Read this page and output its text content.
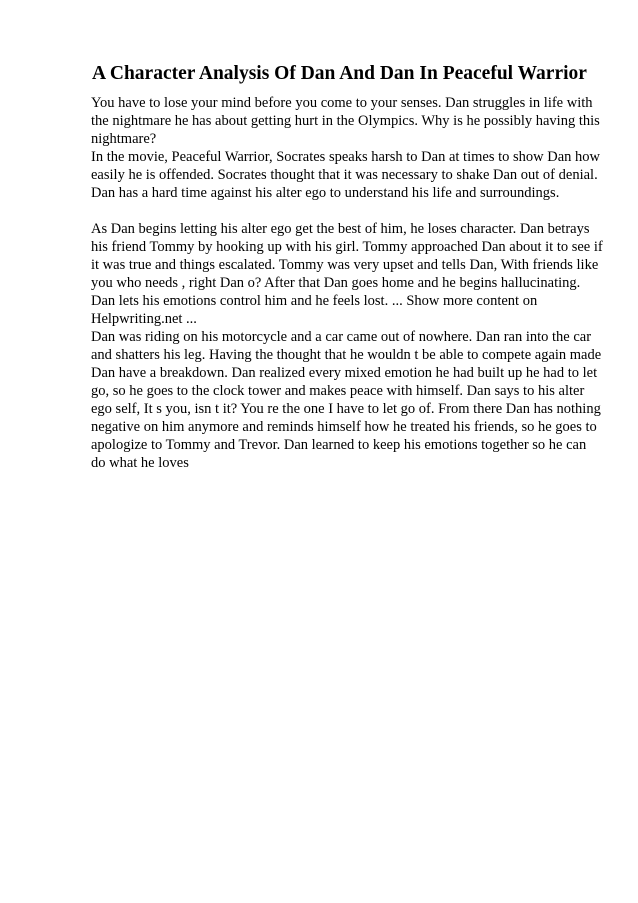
A Character Analysis Of Dan And Dan In Peaceful Warrior

You have to lose your mind before you come to your senses. Dan struggles in life with the nightmare he has about getting hurt in the Olympics. Why is he possibly having this nightmare?

In the movie, Peaceful Warrior, Socrates speaks harsh to Dan at times to show Dan how easily he is offended. Socrates thought that it was necessary to shake Dan out of denial. Dan has a hard time against his alter ego to understand his life and surroundings.

As Dan begins letting his alter ego get the best of him, he loses character. Dan betrays his friend Tommy by hooking up with his girl. Tommy approached Dan about it to see if it was true and things escalated. Tommy was very upset and tells Dan, With friends like you who needs , right Dan o? After that Dan goes home and he begins hallucinating. Dan lets his emotions control him and he feels lost. ... Show more content on Helpwriting.net ...

Dan was riding on his motorcycle and a car came out of nowhere. Dan ran into the car and shatters his leg. Having the thought that he wouldn t be able to compete again made Dan have a breakdown. Dan realized every mixed emotion he had built up he had to let go, so he goes to the clock tower and makes peace with himself. Dan says to his alter ego self, It s you, isn t it? You re the one I have to let go of. From there Dan has nothing negative on him anymore and reminds himself how he treated his friends, so he goes to apologize to Tommy and Trevor. Dan learned to keep his emotions together so he can do what he loves
